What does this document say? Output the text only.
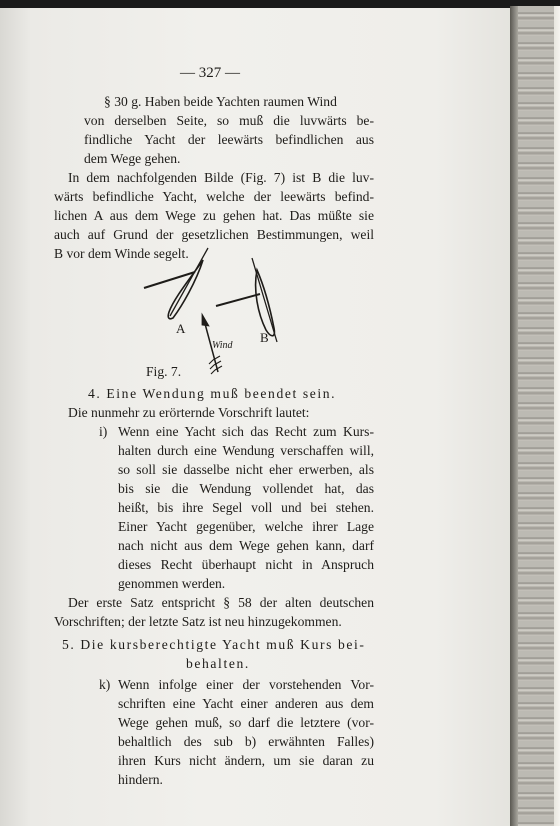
— 327 —
§ 30 g. Haben beide Yachten raumen Wind
von derselben Seite, so muß die luvwärts be-
findliche Yacht der leewärts befindlichen aus
dem Wege gehen.
In dem nachfolgenden Bilde (Fig. 7) ist B die luv-
wärts befindliche Yacht, welche der leewärts befind-
lichen A aus dem Wege zu gehen hat. Das müßte sie
auch auf Grund der gesetzlichen Bestimmungen, weil
B vor dem Winde segelt.
A
B
Wind
Fig. 7.
4. Eine Wendung muß beendet sein.
Die nunmehr zu erörternde Vorschrift lautet:
i) Wenn eine Yacht sich das Recht zum Kurs-
halten durch eine Wendung verschaffen will,
so soll sie dasselbe nicht eher erwerben, als
bis sie die Wendung vollendet hat, das
heißt, bis ihre Segel voll und bei stehen.
Einer Yacht gegenüber, welche ihrer Lage
nach nicht aus dem Wege gehen kann, darf
dieses Recht überhaupt nicht in Anspruch
genommen werden.
Der erste Satz entspricht § 58 der alten deutschen
Vorschriften; der letzte Satz ist neu hinzugekommen.
5. Die kursberechtigte Yacht muß Kurs bei-
behalten.
k) Wenn infolge einer der vorstehenden Vor-
schriften eine Yacht einer anderen aus dem
Wege gehen muß, so darf die letztere (vor-
behaltlich des sub b) erwähnten Falles)
ihren Kurs nicht ändern, um sie daran zu
hindern.
